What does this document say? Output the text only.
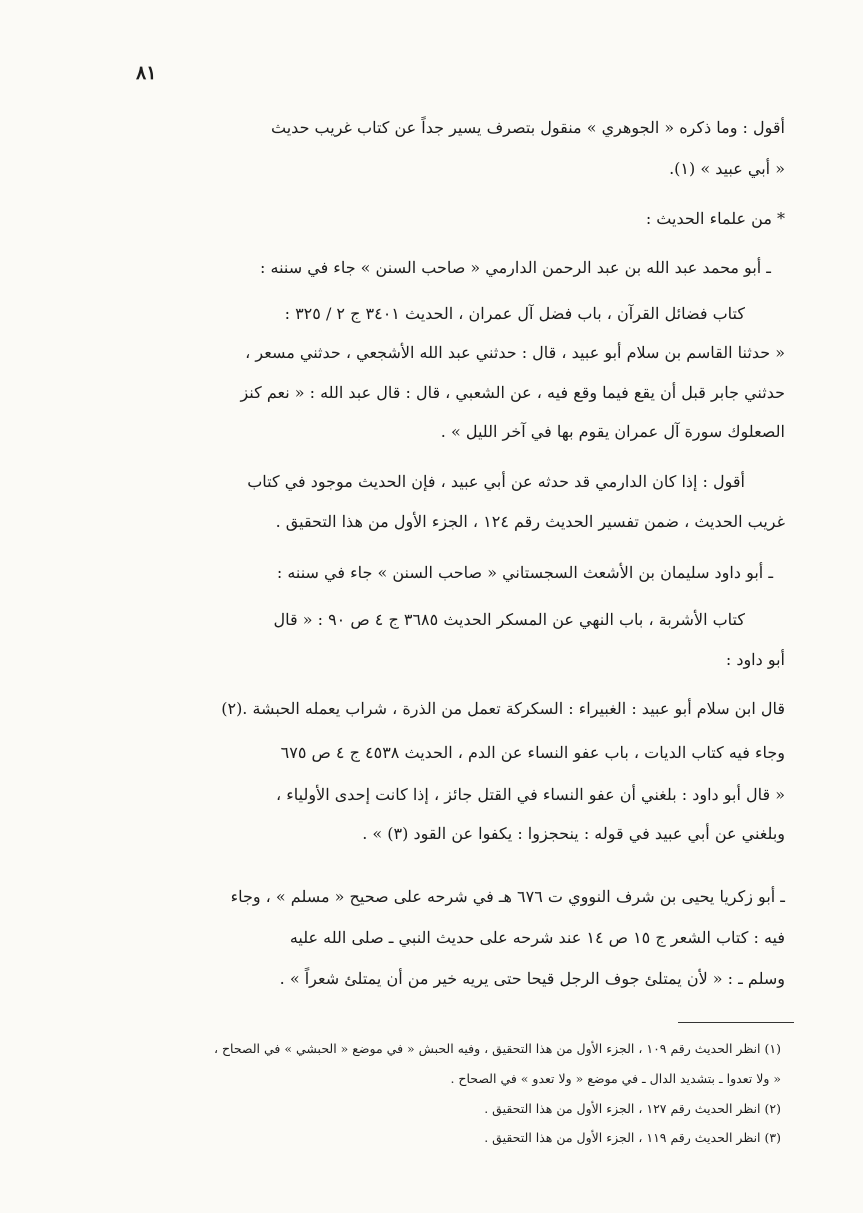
٨١
أقول : وما ذكره « الجوهري » منقول بتصرف يسير جداً عن كتاب غريب حديث
« أبي عبيد » (١).
* من علماء الحديث :
ـ أبو محمد عبد الله بن عبد الرحمن الدارمي « صاحب السنن » جاء في سننه :
كتاب فضائل القرآن ، باب فضل آل عمران ، الحديث ٣٤٠١ ج ٢ / ٣٢٥ :
« حدثنا القاسم بن سلام أبو عبيد ، قال : حدثني عبد الله الأشجعي ، حدثني مسعر ،
حدثني جابر قبل أن يقع فيما وقع فيه ، عن الشعبي ، قال : قال عبد الله : « نعم كنز
الصعلوك سورة آل عمران يقوم بها في آخر الليل » .
أقول : إذا كان الدارمي قد حدثه عن أبي عبيد ، فإن الحديث موجود في كتاب
غريب الحديث ، ضمن تفسير الحديث رقم ١٢٤ ، الجزء الأول من هذا التحقيق .
ـ أبو داود سليمان بن الأشعث السجستاني « صاحب السنن » جاء في سننه :
كتاب الأشربة ، باب النهي عن المسكر الحديث ٣٦٨٥ ج ٤ ص ٩٠ : « قال
أبو داود :
قال ابن سلام أبو عبيد : الغبيراء : السكركة تعمل من الذرة ، شراب يعمله الحبشة .(٢)
وجاء فيه كتاب الديات ، باب عفو النساء عن الدم ، الحديث ٤٥٣٨ ج ٤ ص ٦٧٥
« قال أبو داود : بلغني أن عفو النساء في القتل جائز ، إذا كانت إحدى الأولياء ،
وبلغني عن أبي عبيد في قوله : ينحجزوا : يكفوا عن القود (٣) » .
ـ أبو زكريا يحيى بن شرف النووي ت ٦٧٦ هـ في شرحه على صحيح « مسلم » ، وجاء
فيه : كتاب الشعر ج ١٥ ص ١٤ عند شرحه على حديث النبي ـ صلى الله عليه
وسلم ـ : « لأن يمتلئ جوف الرجل قيحا حتى يريه خير من أن يمتلئ شعراً » .
(١) انظر الحديث رقم ١٠٩ ، الجزء الأول من هذا التحقيق ، وفيه الحبش « في موضع « الحبشي » في الصحاح ،
« ولا تعدوا ـ بتشديد الدال ـ في موضع « ولا تعدو » في الصحاح .
(٢) انظر الحديث رقم ١٢٧ ، الجزء الأول من هذا التحقيق .
(٣) انظر الحديث رقم ١١٩ ، الجزء الأول من هذا التحقيق .
